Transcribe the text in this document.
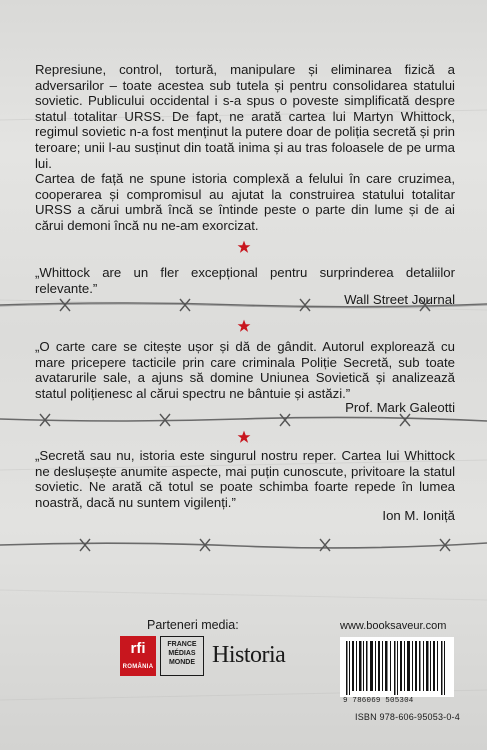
Represiune, control, tortură, manipulare și eliminarea fizică a adversarilor – toate acestea sub tutela și pentru consolidarea statului sovietic. Publicului occidental i s-a spus o poveste simplificată despre statul totalitar URSS. De fapt, ne arată cartea lui Martyn Whittock, regimul sovietic n-a fost menținut la putere doar de poliția secretă și prin teroare; unii l-au susținut din toată inima și au tras foloasele de pe urma lui.

Cartea de față ne spune istoria complexă a felului în care cruzimea, cooperarea și compromisul au ajutat la construirea statului totalitar URSS a cărui umbră încă se întinde peste o parte din lume și de ai cărui demoni încă nu ne-am exorcizat.

„Whittock are un fler excepțional pentru surprinderea detaliilor relevante.”

Wall Street Journal

„O carte care se citește ușor și dă de gândit. Autorul explorează cu mare pricepere tacticile prin care criminala Poliție Secretă, sub toate avatarurile sale, a ajuns să domine Uniunea Sovietică și analizează statul polițienesc al cărui spectru ne bântuie și astăzi.”

Prof. Mark Galeotti

„Secretă sau nu, istoria este singurul nostru reper. Cartea lui Whittock ne deslușește anumite aspecte, mai puțin cunoscute, privitoare la statul sovietic. Ne arată că totul se poate schimba foarte repede în lumea noastră, dacă nu suntem vigilenți.”

Ion M. Ioniță
Parteneri media:
rfi
ROMÂNIA
FRANCE
MÉDIAS
MONDE Historia
www.booksaveur.com
9 786069 505304
ISBN 978-606-95053-0-4
